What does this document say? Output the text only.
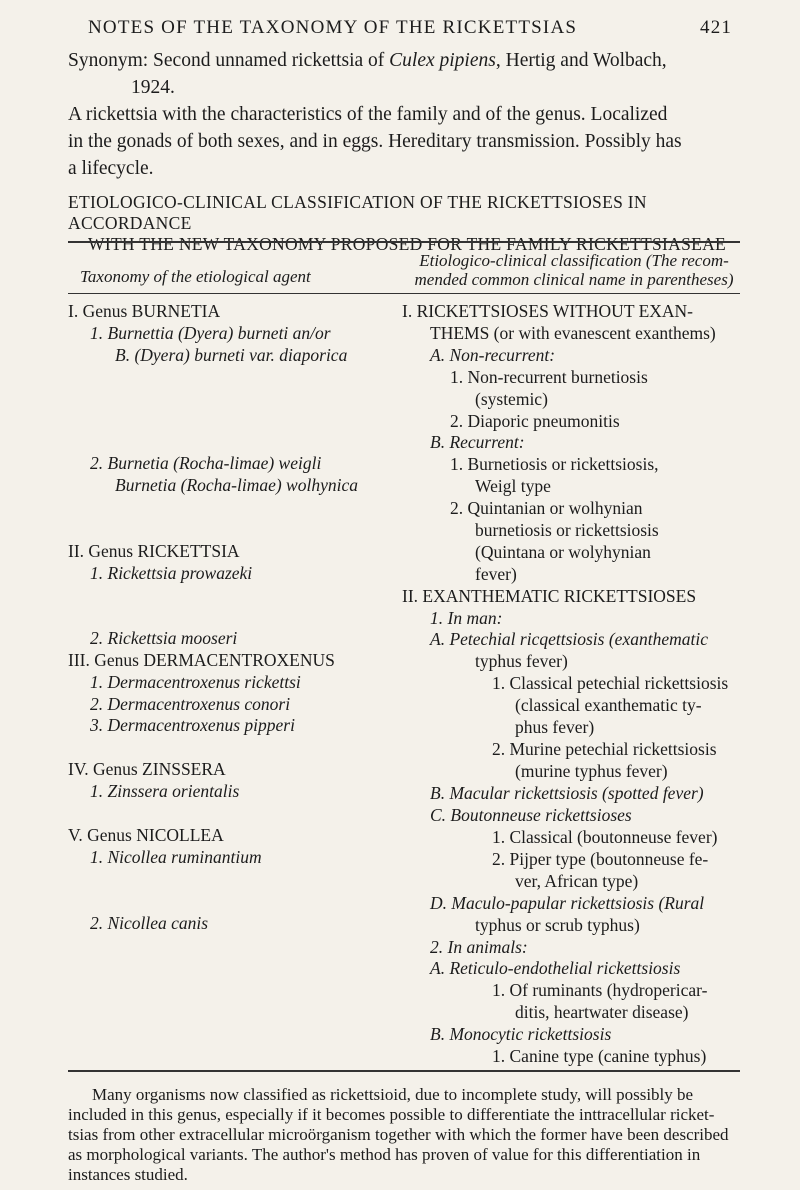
NOTES OF THE TAXONOMY OF THE RICKETTSIAS	421
Synonym: Second unnamed rickettsia of Culex pipiens, Hertig and Wolbach,
1924.
A rickettsia with the characteristics of the family and of the genus. Localized
in the gonads of both sexes, and in eggs. Hereditary transmission. Possibly has
a lifecycle.
ETIOLOGICO-CLINICAL CLASSIFICATION OF THE RICKETTSIOSES IN ACCORDANCE
WITH THE NEW TAXONOMY PROPOSED FOR THE FAMILY RICKETTSIASEAE
Taxonomy of the etiological agent
Etiologico-clinical classification (The recom-
mended common clinical name in parentheses)
I. Genus BURNETIA
1. Burnettia (Dyera) burneti an/or
B. (Dyera) burneti var. diaporica
2. Burnetia (Rocha-limae) weigli
Burnetia (Rocha-limae) wolhynica
II. Genus RICKETTSIA
1. Rickettsia prowazeki
2. Rickettsia mooseri
III. Genus DERMACENTROXENUS
1. Dermacentroxenus rickettsi
2. Dermacentroxenus conori
3. Dermacentroxenus pipperi
IV. Genus ZINSSERA
1. Zinssera orientalis
V. Genus NICOLLEA
1. Nicollea ruminantium
2. Nicollea canis
I. RICKETTSIOSES WITHOUT EXAN-
THEMS (or with evanescent exanthems)
A. Non-recurrent:
1. Non-recurrent burnetiosis
(systemic)
2. Diaporic pneumonitis
B. Recurrent:
1. Burnetiosis or rickettsiosis,
Weigl type
2. Quintanian or wolhynian
burnetiosis or rickettsiosis
(Quintana or wolyhynian
fever)
II. EXANTHEMATIC RICKETTSIOSES
1. In man:
A. Petechial ricqettsiosis (exanthematic
typhus fever)
1. Classical petechial rickettsiosis
(classical exanthematic ty-
phus fever)
2. Murine petechial rickettsiosis
(murine typhus fever)
B. Macular rickettsiosis (spotted fever)
C. Boutonneuse rickettsioses
1. Classical (boutonneuse fever)
2. Pijper type (boutonneuse fe-
ver, African type)
D. Maculo-papular rickettsiosis (Rural
typhus or scrub typhus)
2. In animals:
A. Reticulo-endothelial rickettsiosis
1. Of ruminants (hydropericar-
ditis, heartwater disease)
B. Monocytic rickettsiosis
1. Canine type (canine typhus)
Many organisms now classified as rickettsioid, due to incomplete study, will possibly be
included in this genus, especially if it becomes possible to differentiate the inttracellular ricket-
tsias from other extracellular microörganism together with which the former have been described
as morphological variants. The author's method has proven of value for this differentiation in
instances studied.
